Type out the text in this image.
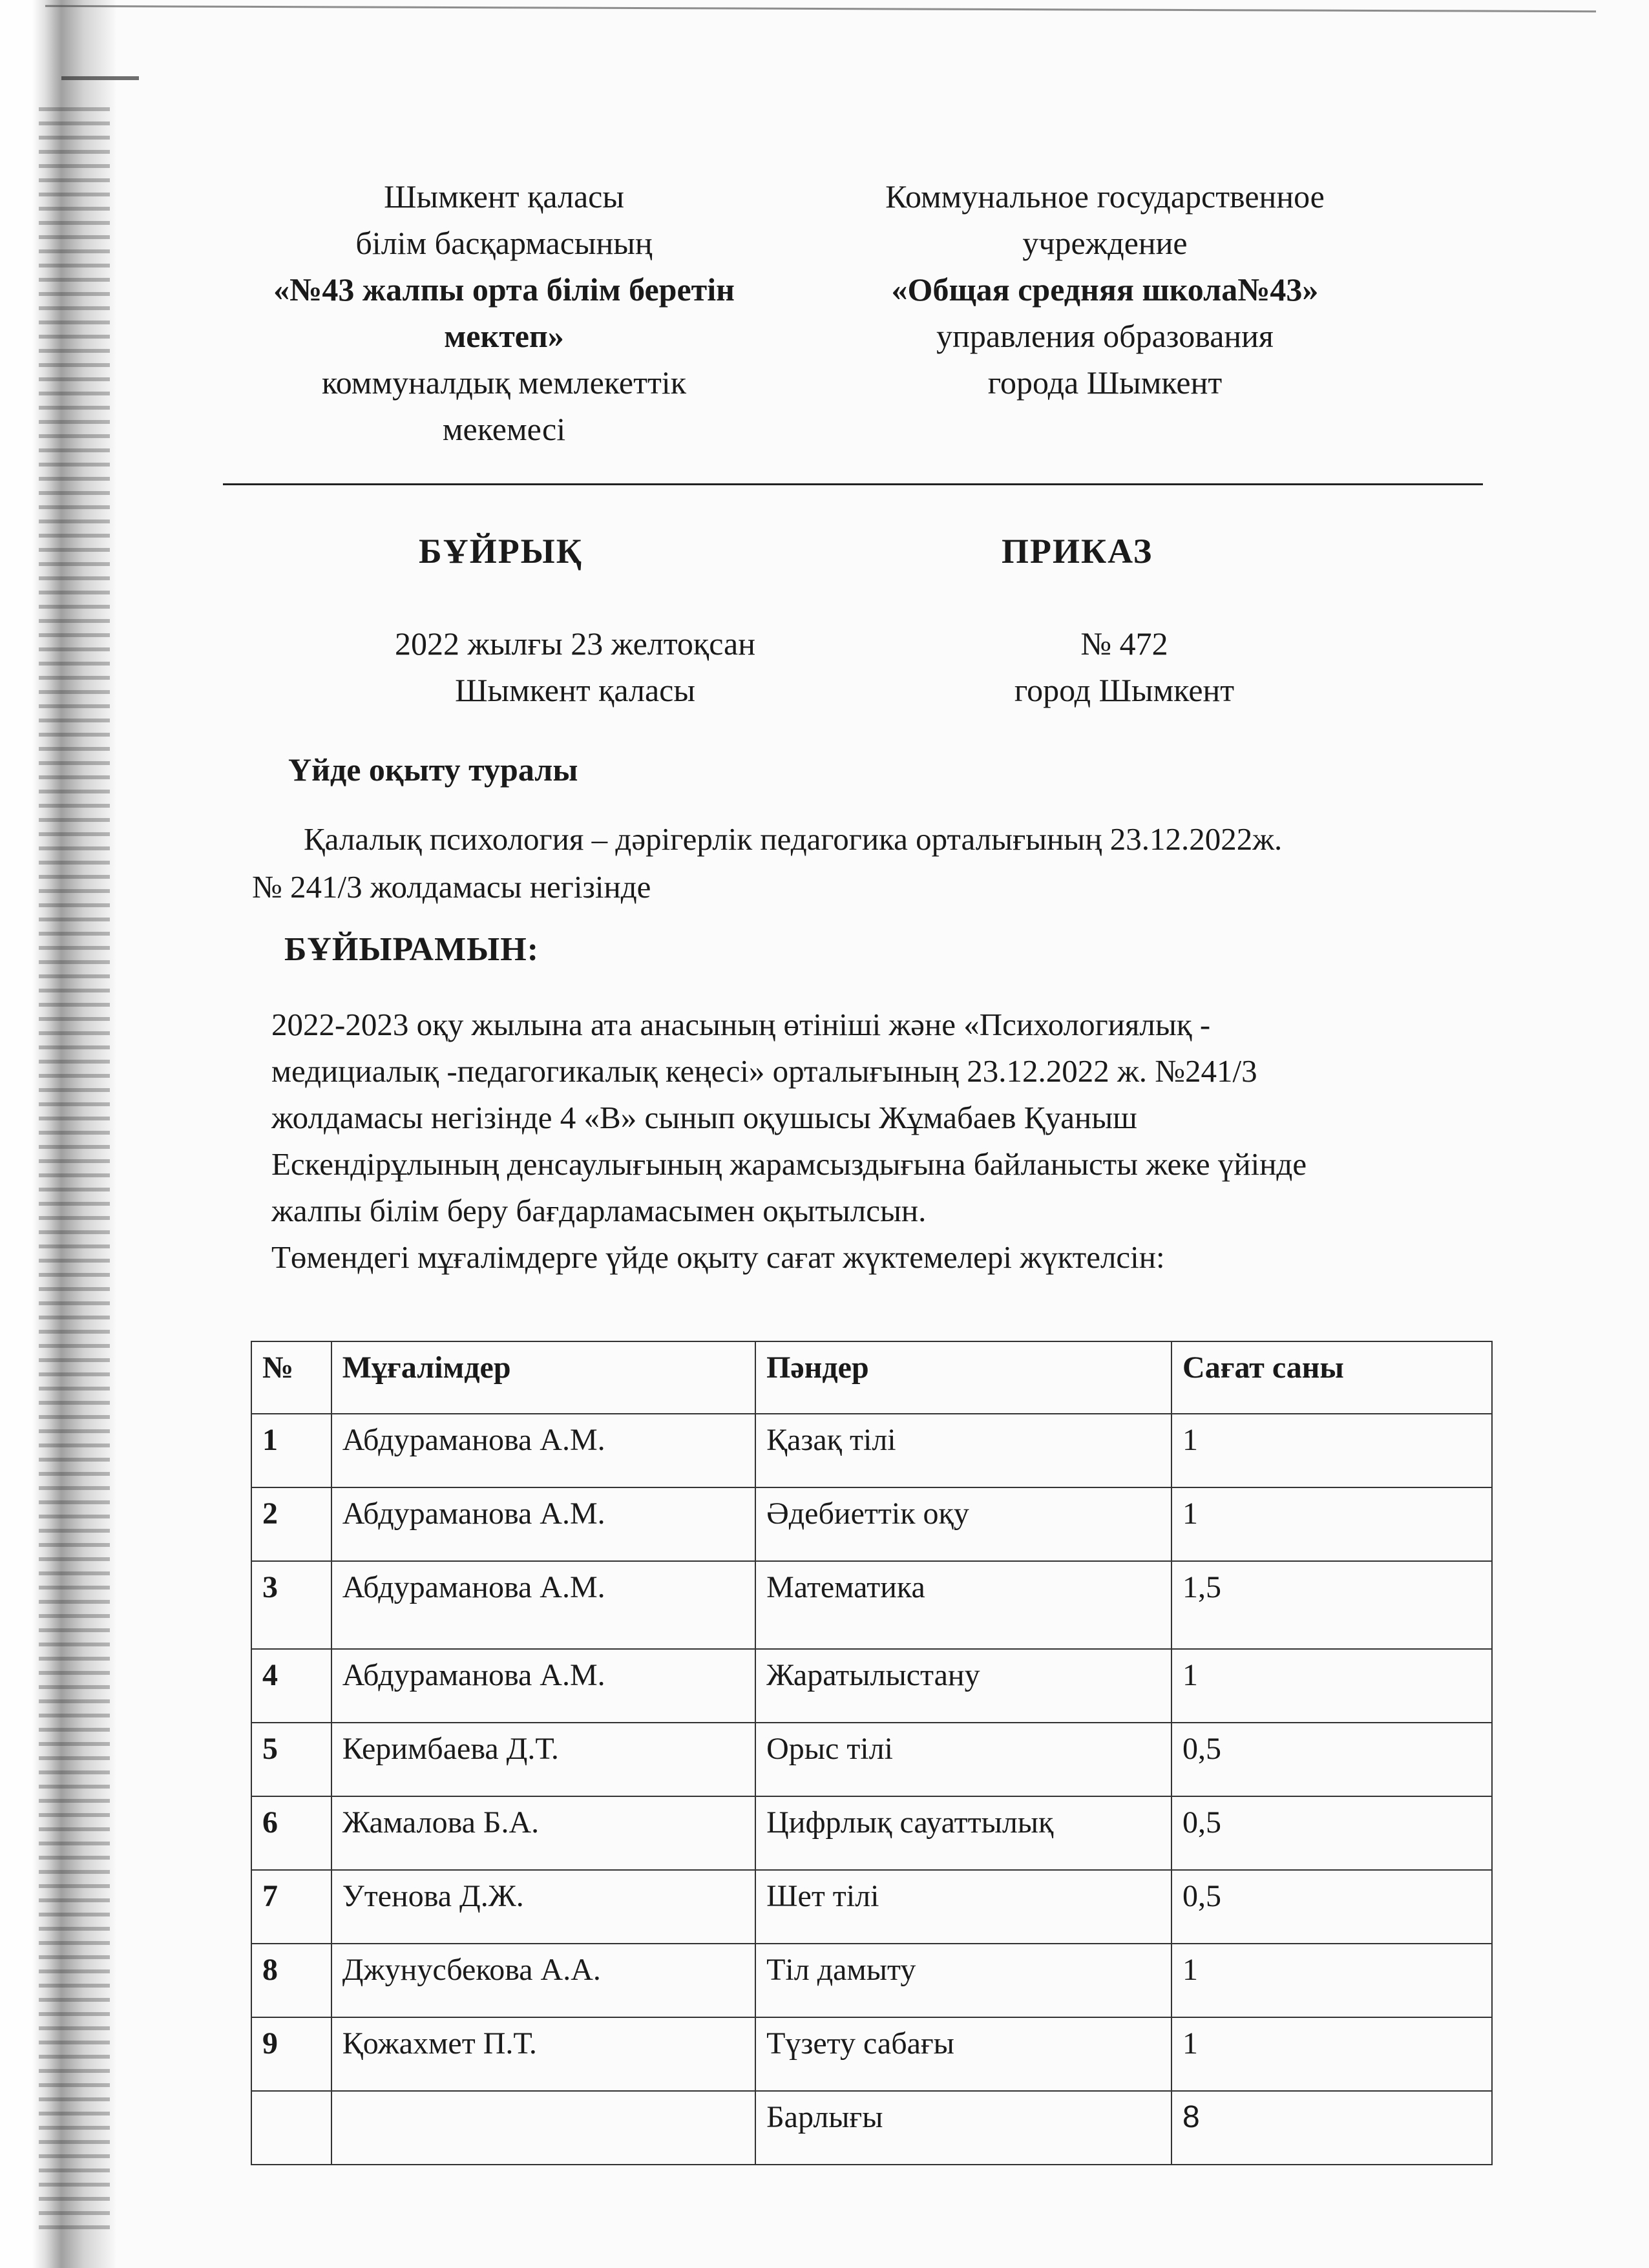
Шымкент қаласы
білім басқармасының
«№43 жалпы орта білім беретін
мектеп»
коммуналдық мемлекеттік
мекемесі
Коммунальное государственное
учреждение
«Общая средняя школа№43»
управления образования
города Шымкент
БҰЙРЫҚ	ПРИКАЗ
2022 жылғы 23 желтоқсан
Шымкент қаласы
№ 472
город Шымкент
Үйде оқыту туралы
Қалалық психология – дәрігерлік педагогика орталығының 23.12.2022ж.
№ 241/3 жолдамасы негізінде
БҰЙЫРАМЫН:
2022-2023 оқу жылына ата анасының өтініші және «Психологиялық -
медициалық -педагогикалық кеңесі» орталығының 23.12.2022 ж. №241/3
жолдамасы негізінде 4 «В» сынып оқушысы Жұмабаев Қуаныш
Ескендірұлының денсаулығының жарамсыздығына байланысты жеке үйінде
жалпы білім беру бағдарламасымен оқытылсын.
Төмендегі мұғалімдерге үйде оқыту сағат жүктемелері жүктелсін:
№	Мұғалімдер	Пәндер	Сағат саны
1	Абдураманова А.М.	Қазақ тілі	1
2	Абдураманова А.М.	Әдебиеттік оқу	1
3	Абдураманова А.М.	Математика	1,5
4	Абдураманова А.М.	Жаратылыстану	1
5	Керимбаева Д.Т.	Орыс тілі	0,5
6	Жамалова Б.А.	Цифрлық сауаттылық	0,5
7	Утенова Д.Ж.	Шет тілі	0,5
8	Джунусбекова А.А.	Тіл дамыту	1
9	Қожахмет П.Т.	Түзету сабағы	1
		Барлығы	8
